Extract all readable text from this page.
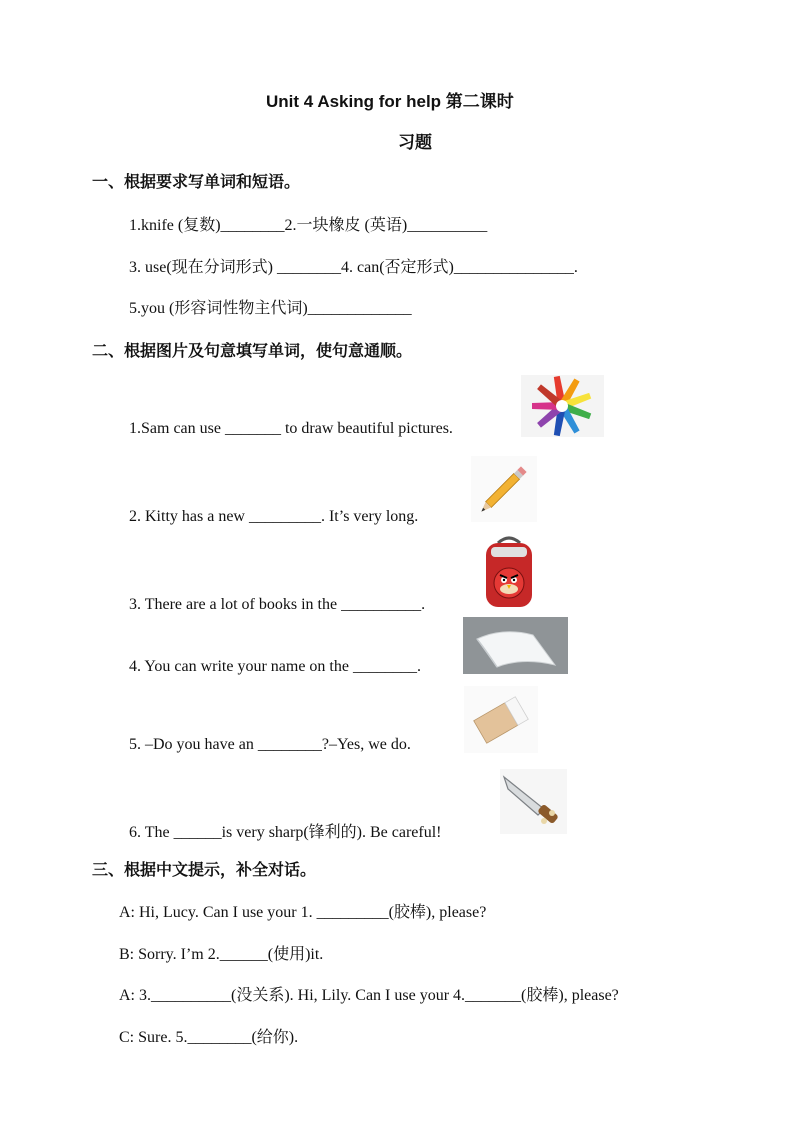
Unit 4 Asking for help 第二课时
习题
一、根据要求写单词和短语。
1.knife (复数)________2.一块橡皮 (英语)__________
3. use(现在分词形式) ________4. can(否定形式)_______________.
5.you (形容词性物主代词)_____________
二、根据图片及句意填写单词，使句意通顺。
1.Sam can use _______ to draw beautiful pictures.
2. Kitty has a new _________. It’s very long.
3. There are a lot of books in the __________.
4. You can write your name on the ________.
5. –Do you have an ________?–Yes, we do.
6. The ______is very sharp(锋利的). Be careful!
三、根据中文提示，补全对话。
A: Hi, Lucy. Can I use your 1. _________(胶棒), please?
B: Sorry. I’m 2.______(使用)it.
A: 3.__________(没关系). Hi, Lily. Can I use your 4._______(胶棒), please?
C: Sure. 5.________(给你).
